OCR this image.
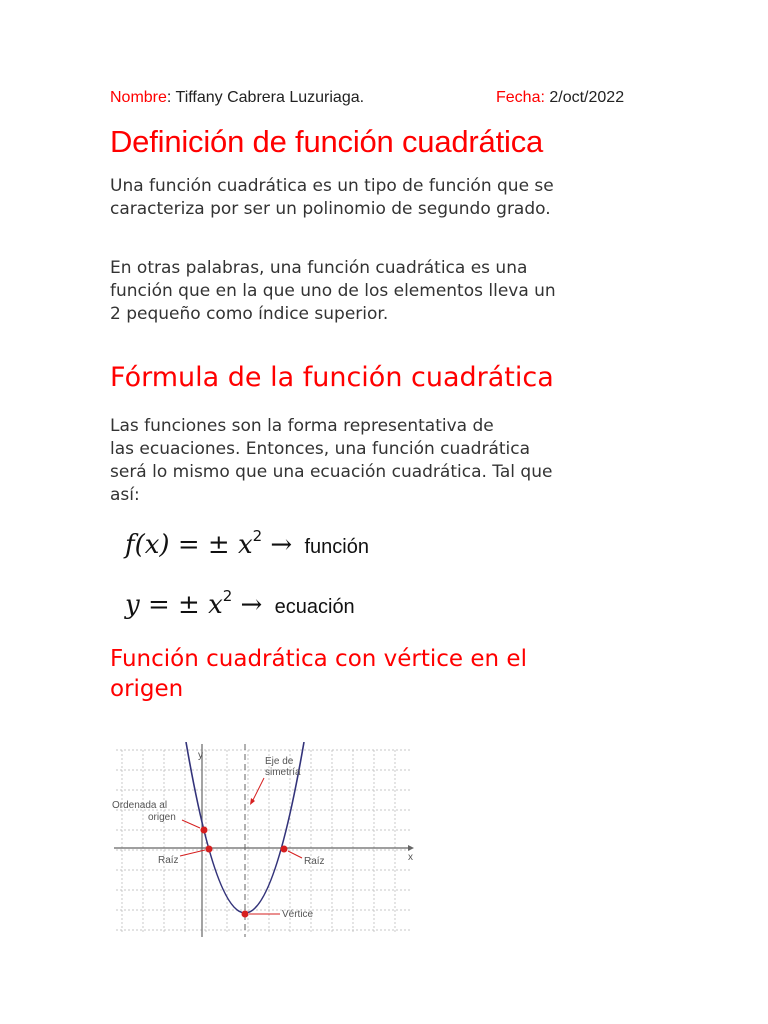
Nombre: Tiffany Cabrera Luzuriaga.	Fecha: 2/oct/2022
Definición de función cuadrática
Una función cuadrática es un tipo de función que se
caracteriza por ser un polinomio de segundo grado.
En otras palabras, una función cuadrática es una
función que en la que uno de los elementos lleva un
2 pequeño como índice superior.
Fórmula de la función cuadrática
Las funciones son la forma representativa de
las ecuaciones. Entonces, una función cuadrática
será lo mismo que una ecuación cuadrática. Tal que
así:
f(x) = ± $x^2$ → función
y = ± $x^2$ → ecuación
Función cuadrática con vértice en el
origen
y
x
Eje de
simetría
Ordenada al
origen
Raíz	Raíz
Vértice
